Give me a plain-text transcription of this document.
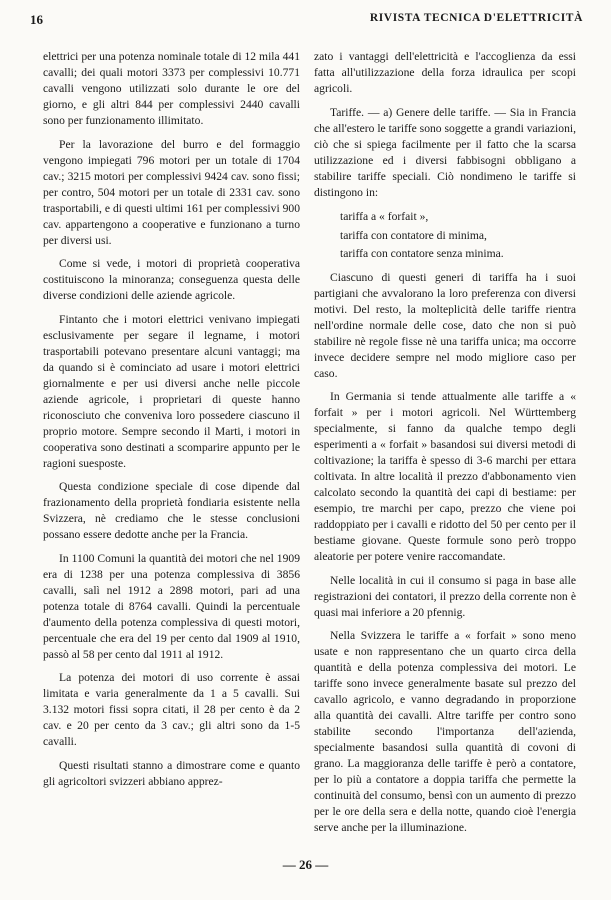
16	RIVISTA TECNICA D'ELETTRICITÀ

elettrici per una potenza nominale totale di 12 mila 441 cavalli; dei quali motori 3373 per complessivi 10.771 cavalli vengono utilizzati solo durante le ore del giorno, e gli altri 844 per complessivi 2440 cavalli sono per funzionamento illimitato.

Per la lavorazione del burro e del formaggio vengono impiegati 796 motori per un totale di 1704 cav.; 3215 motori per complessivi 9424 cav. sono fissi; per contro, 504 motori per un totale di 2331 cav. sono trasportabili, e di questi ultimi 161 per complessivi 900 cav. appartengono a cooperative e funzionano a turno per diversi usi.

Come si vede, i motori di proprietà cooperativa costituiscono la minoranza; conseguenza questa delle diverse condizioni delle aziende agricole.

Fintanto che i motori elettrici venivano impiegati esclusivamente per segare il legname, i motori trasportabili potevano presentare alcuni vantaggi; ma da quando si è cominciato ad usare i motori elettrici giornalmente e per usi diversi anche nelle piccole aziende agricole, i proprietari di queste hanno riconosciuto che conveniva loro possedere ciascuno il proprio motore. Sempre secondo il Marti, i motori in cooperativa sono destinati a scomparire appunto per le ragioni suesposte.

Questa condizione speciale di cose dipende dal frazionamento della proprietà fondiaria esistente nella Svizzera, nè crediamo che le stesse conclusioni possano essere dedotte anche per la Francia.

In 1100 Comuni la quantità dei motori che nel 1909 era di 1238 per una potenza complessiva di 3856 cavalli, salì nel 1912 a 2898 motori, pari ad una potenza totale di 8764 cavalli. Quindi la percentuale d'aumento della potenza complessiva di questi motori, percentuale che era del 19 per cento dal 1909 al 1910, passò al 58 per cento dal 1911 al 1912.

La potenza dei motori di uso corrente è assai limitata e varia generalmente da 1 a 5 cavalli. Sui 3.132 motori fissi sopra citati, il 28 per cento è da 2 cav. e 20 per cento da 3 cav.; gli altri sono da 1-5 cavalli.

Questi risultati stanno a dimostrare come e quanto gli agricoltori svizzeri abbiano apprez-

zato i vantaggi dell'elettricità e l'accoglienza da essi fatta all'utilizzazione della forza idraulica per scopi agricoli.

Tariffe. — a) Genere delle tariffe. — Sia in Francia che all'estero le tariffe sono soggette a grandi variazioni, ciò che si spiega facilmente per il fatto che la scarsa utilizzazione ed i diversi fabbisogni obbligano a stabilire tariffe speciali. Ciò nondimeno le tariffe si distingono in:

tariffa a « forfait »,
tariffa con contatore di minima,
tariffa con contatore senza minima.

Ciascuno di questi generi di tariffa ha i suoi partigiani che avvalorano la loro preferenza con diversi motivi. Del resto, la molteplicità delle tariffe rientra nell'ordine normale delle cose, dato che non si può stabilire nè regole fisse nè una tariffa unica; ma occorre invece decidere sempre nel modo migliore caso per caso.

In Germania si tende attualmente alle tariffe a « forfait » per i motori agricoli. Nel Württemberg specialmente, si fanno da qualche tempo degli esperimenti a « forfait » basandosi sui diversi metodi di coltivazione; la tariffa è spesso di 3-6 marchi per ettara coltivata. In altre località il prezzo d'abbonamento vien calcolato secondo la quantità dei capi di bestiame: per esempio, tre marchi per capo, prezzo che viene poi raddoppiato per i cavalli e ridotto del 50 per cento per il bestiame giovane. Queste formule sono però troppo aleatorie per potere venire raccomandate.

Nelle località in cui il consumo si paga in base alle registrazioni dei contatori, il prezzo della corrente non è quasi mai inferiore a 20 pfennig.

Nella Svizzera le tariffe a « forfait » sono meno usate e non rappresentano che un quarto circa della quantità e della potenza complessiva dei motori. Le tariffe sono invece generalmente basate sul prezzo del cavallo agricolo, e vanno degradando in proporzione alla quantità dei cavalli. Altre tariffe per contro sono stabilite secondo l'importanza dell'azienda, specialmente basandosi sulla quantità di covoni di grano. La maggioranza delle tariffe è però a contatore, per lo più a contatore a doppia tariffa che permette la continuità del consumo, bensì con un aumento di prezzo per le ore della sera e della notte, quando cioè l'energia serve anche per la illuminazione.

— 26 —
